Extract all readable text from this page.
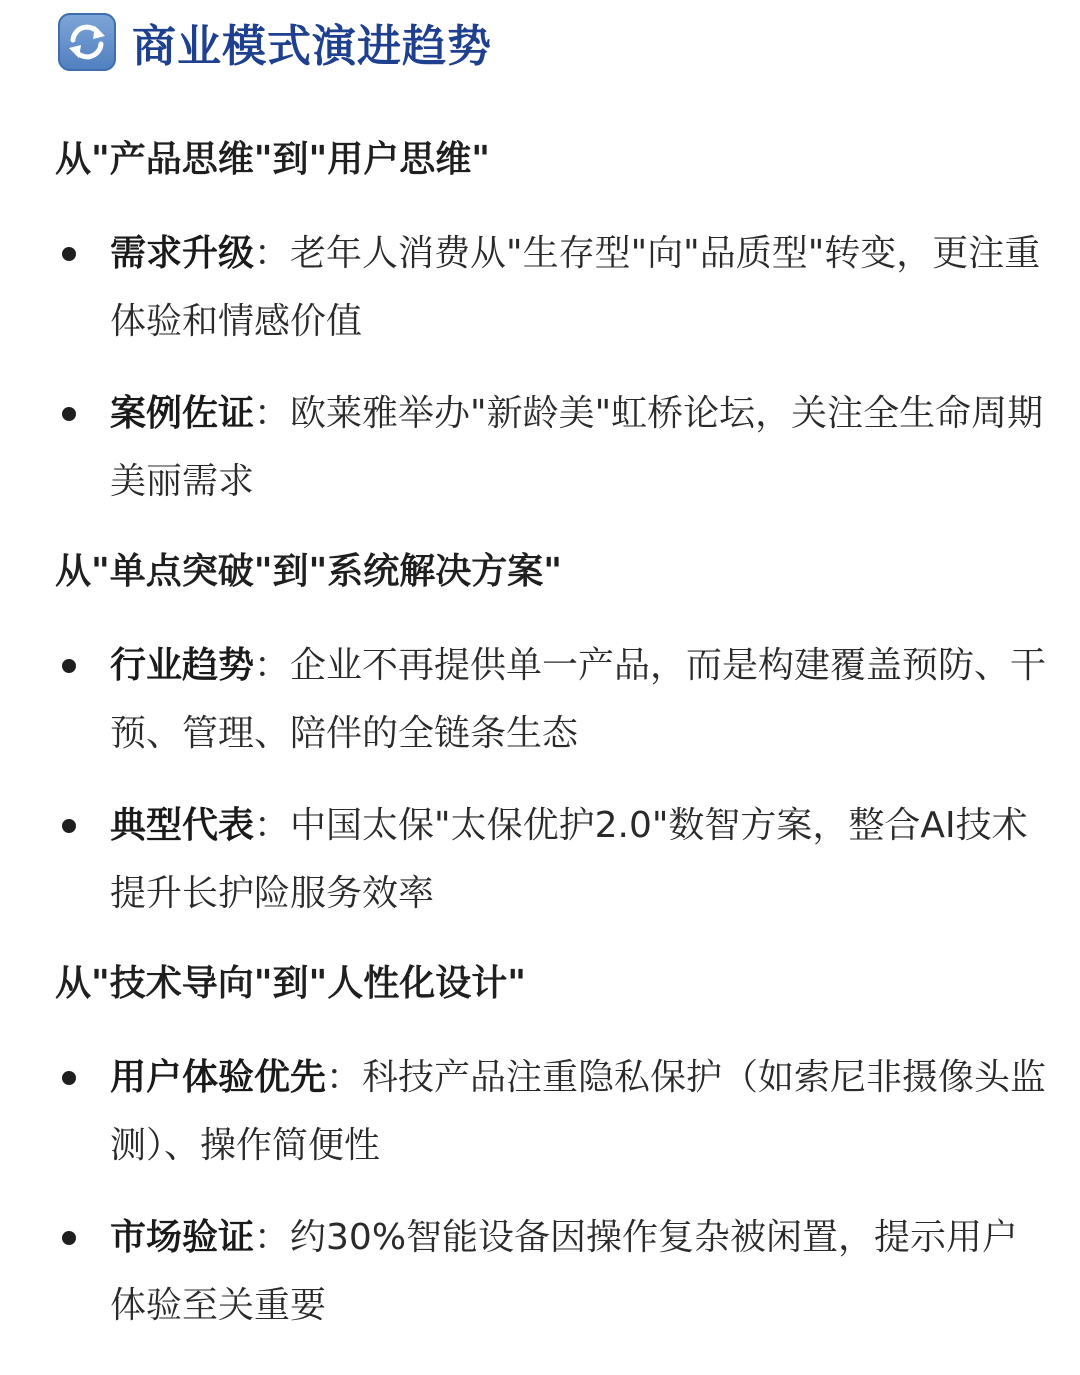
商业模式演进趋势
从"产品思维"到"用户思维"
需求升级：老年人消费从"生存型"向"品质型"转变，更注重体验和情感价值
案例佐证：欧莱雅举办"新龄美"虹桥论坛，关注全生命周期美丽需求
从"单点突破"到"系统解决方案"
行业趋势：企业不再提供单一产品，而是构建覆盖预防、干预、管理、陪伴的全链条生态
典型代表：中国太保"太保优护2.0"数智方案，整合AI技术提升长护险服务效率
从"技术导向"到"人性化设计"
用户体验优先：科技产品注重隐私保护（如索尼非摄像头监测）、操作简便性
市场验证：约30%智能设备因操作复杂被闲置，提示用户体验至关重要
